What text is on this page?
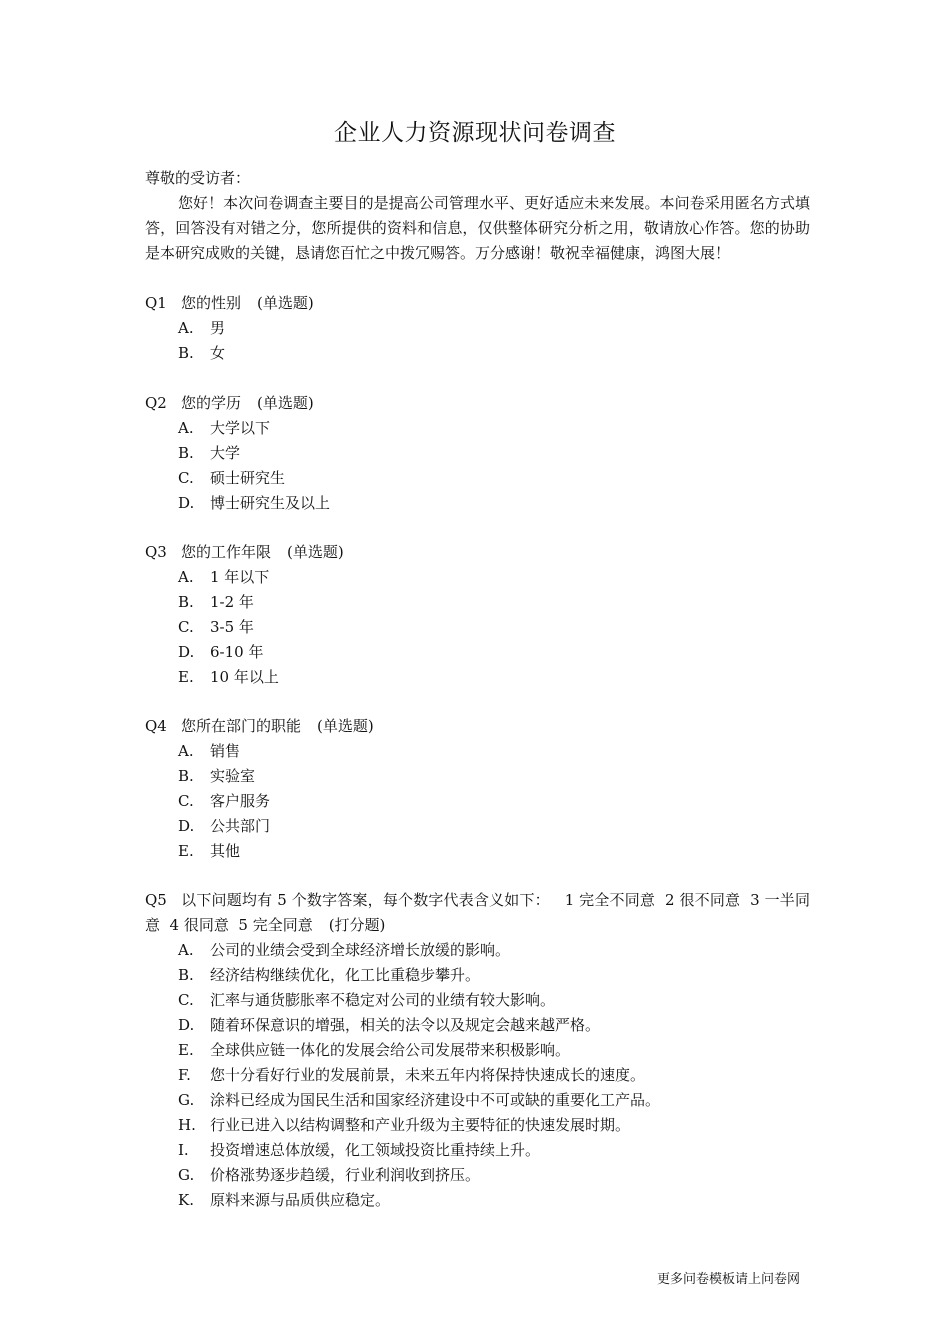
企业人力资源现状问卷调查
尊敬的受访者：
您好！本次问卷调查主要目的是提高公司管理水平、更好适应未来发展。本问卷采用匿名方式填答，回答没有对错之分，您所提供的资料和信息，仅供整体研究分析之用，敬请放心作答。您的协助是本研究成败的关键，恳请您百忙之中拨冗赐答。万分感谢！敬祝幸福健康，鸿图大展！
Q1 您的性别 (单选题)
A. 男
B. 女
Q2 您的学历 (单选题)
A. 大学以下
B. 大学
C. 硕士研究生
D. 博士研究生及以上
Q3 您的工作年限 (单选题)
A. 1 年以下
B. 1-2 年
C. 3-5 年
D. 6-10 年
E. 10 年以上
Q4 您所在部门的职能 (单选题)
A. 销售
B. 实验室
C. 客户服务
D. 公共部门
E. 其他
Q5 以下问题均有 5 个数字答案，每个数字代表含义如下：   1 完全不同意  2 很不同意  3 一半同意  4 很同意  5 完全同意 (打分题)
A. 公司的业绩会受到全球经济增长放缓的影响。
B. 经济结构继续优化，化工比重稳步攀升。
C. 汇率与通货膨胀率不稳定对公司的业绩有较大影响。
D. 随着环保意识的增强，相关的法令以及规定会越来越严格。
E. 全球供应链一体化的发展会给公司发展带来积极影响。
F. 您十分看好行业的发展前景，未来五年内将保持快速成长的速度。
G. 涂料已经成为国民生活和国家经济建设中不可或缺的重要化工产品。
H. 行业已进入以结构调整和产业升级为主要特征的快速发展时期。
I. 投资增速总体放缓，化工领域投资比重持续上升。
G. 价格涨势逐步趋缓，行业利润收到挤压。
K. 原料来源与品质供应稳定。
更多问卷模板请上问卷网
